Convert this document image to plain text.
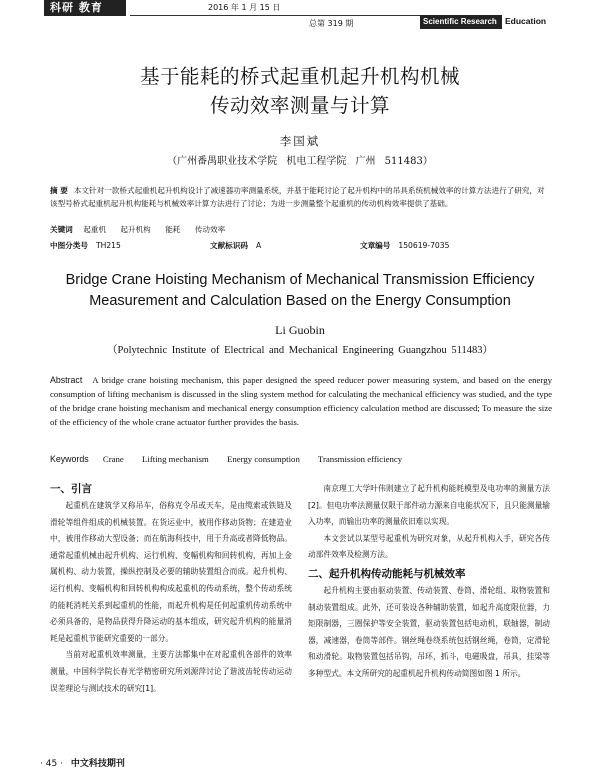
科研 教育	2016 年 1 月 15 日
总第 319 期	Scientific Research Education
基于能耗的桥式起重机起升机构机械
传动效率测量与计算
李国斌
（广州番禺职业技术学院 机电工程学院 广州 511483）
摘 要 本文针对一款桥式起重机起升机构设计了减速器功率测量系统，并基于能耗讨论了起升机构中的吊具系统机械效率的计算方法进行了研究，对该型号桥式起重机起升机构能耗与机械效率计算方法进行了讨论；为进一步测量整个起重机的传动机构效率提供了基础。
关键词 起重机 起升机构 能耗 传动效率
中图分类号 TH215	文献标识码 A	文章编号 150619-7035
Bridge Crane Hoisting Mechanism of Mechanical Transmission Efficiency
Measurement and Calculation Based on the Energy Consumption
Li Guobin
（Polytechnic Institute of Electrical and Mechanical Engineering Guangzhou 511483）
Abstract A bridge crane hoisting mechanism, this paper designed the speed reducer power measuring system, and based on the energy consumption of lifting mechanism is discussed in the sling system method for calculating the mechanical efficiency was studied, and the type of the bridge crane hoisting mechanism and mechanical energy consumption efficiency calculation method are discussed; To measure the size of the efficiency of the whole crane actuator further provides the basis.
Keywords Crane Lifting mechanism Energy consumption Transmission efficiency
一、引言

起重机在建筑学又称吊车，俗称克令吊或天车，是由缆索或铁链及滑轮等组件组成的机械装置。在货运业中，被用作移动货物；在建造业中，被用作移动大型设备；而在航海科技中，用于升高或者降低物品。通常起重机械由起升机构、运行机构、变幅机构和回转机构，再加上金属机构、动力装置，操纵控制及必要的辅助装置组合而成。起升机构、运行机构、变幅机构和回转机构构成起重机的传动系统，整个传动系统的能耗消耗关系到起重机的性能，而起升机构是任何起重机传动系统中必须具备的，是物品获得升降运动的基本组成，研究起升机构的能量消耗是起重机节能研究重要的一部分。

当前对起重机效率测量，主要方法都集中在对起重机各部件的效率测量，中国科学院长春光学精密研究所刘源萍讨论了谐波齿轮传动运动误差理论与测试技术的研究[1]。

南京理工大学叶伟则建立了起升机构能耗模型及电功率的测量方法[2]。但电功率法测量仅限于部件动力源来自电能状况下，且只能测量输入功率，而输出功率的测量依旧难以实现。

本文尝试以某型号起重机为研究对象，从起升机构入手，研究各传动部件效率及检测方法。

二、起升机构传动能耗与机械效率

起升机构主要由驱动装置、传动装置、卷筒、滑轮组、取物装置和制动装置组成。此外，还可装设各种辅助装置，如起升高度限位器，力矩限制器，三圈保护等安全装置，驱动装置包括电动机，联轴器，制动器，减速器，卷筒等部件。钢丝绳卷绕系统包括钢丝绳，卷筒，定滑轮和动滑轮。取物装置包括吊钩，吊环，抓斗，电磁吸盘，吊具，挂梁等多种型式。本文所研究的起重机起升机构传动简图如图 1 所示。

· 45 · 中文科技期刊
